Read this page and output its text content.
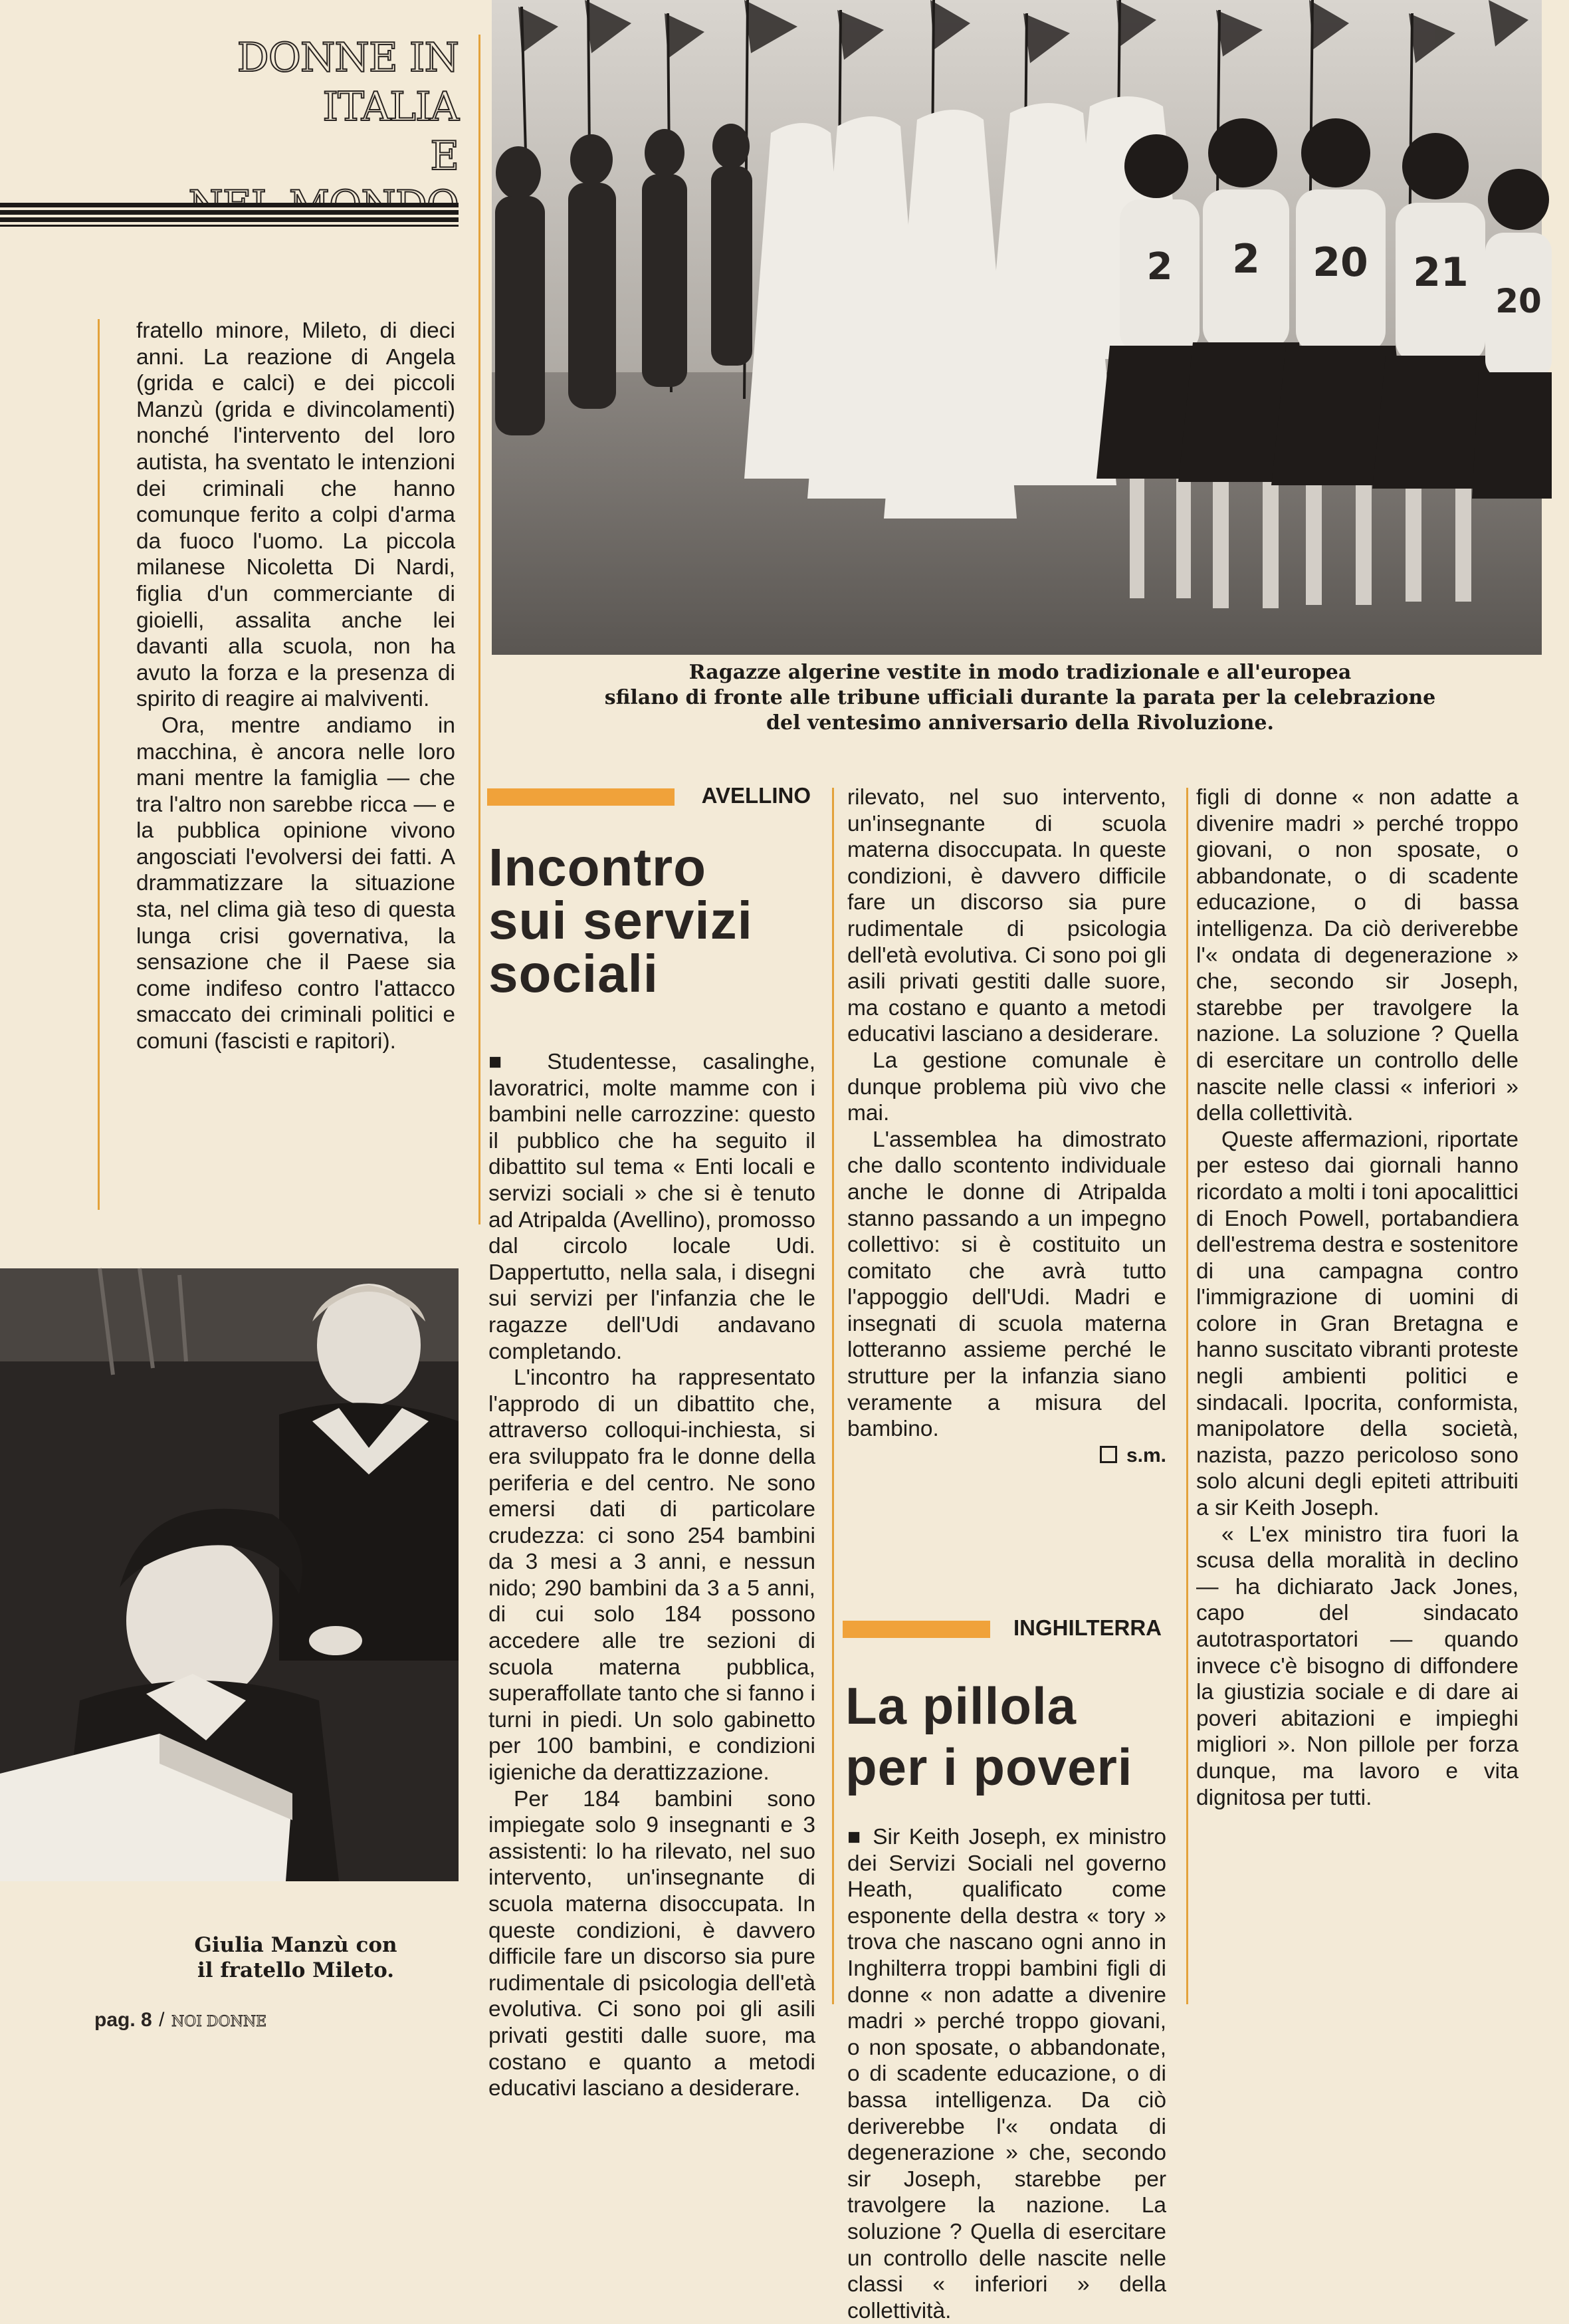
DONNE IN ITALIA
E

fratello minore, Mileto, di dieci anni. La reazione di Angela (grida e calci) e dei piccoli Manzù (grida e divincolamenti) nonché l'intervento del loro autista, ha sventato le intenzioni dei criminali che hanno comunque ferito a colpi d'arma da fuoco l'uomo. La piccola milanese Nicoletta Di Nardi, figlia d'un commerciante di gioielli, assalita anche lei davanti alla scuola, non ha avuto la forza e la presenza di spirito di reagire ai malviventi.

Ora, mentre andiamo in macchina, è ancora nelle loro mani mentre la famiglia — che tra l'altro non sarebbe ricca — e la pubblica opinione vivono angosciati l'evolversi dei fatti. A drammatizzare la situazione sta, nel clima già teso di questa lunga crisi governativa, la sensazione che il Paese sia come indifeso contro l'attacco smaccato dei criminali politici e comuni (fascisti e rapitori).

2 2 20 21
20
Ragazze algerine vestite in modo tradizionale e all'europea
sfilano di fronte alle tribune ufficiali durante la parata per la celebrazione
del ventesimo anniversario della Rivoluzione.
Giulia Manzù con
il fratello Mileto.
AVELLINO
Incontro
sui servizi
sociali

■ Studentesse, casalinghe, lavoratrici, molte mamme con i bambini nelle carrozzine: questo il pubblico che ha seguito il dibattito sul tema « Enti locali e servizi sociali » che si è tenuto ad Atripalda (Avellino), promosso dal circolo locale Udi. Dappertutto, nella sala, i disegni sui servizi per l'infanzia che le ragazze dell'Udi andavano completando.

L'incontro ha rappresentato l'approdo di un dibattito che, attraverso colloqui-inchiesta, si era sviluppato fra le donne della periferia e del centro. Ne sono emersi dati di particolare crudezza: ci sono 254 bambini da 3 mesi a 3 anni, e nessun nido; 290 bambini da 3 a 5 anni, di cui solo 184 possono accedere alle tre sezioni di scuola materna pubblica, superaffollate tanto che si fanno i turni in piedi. Un solo gabinetto per 100 bambini, e condizioni igieniche da derattizzazione.

Per 184 bambini sono impiegate solo 9 insegnanti e 3 assistenti: lo ha rilevato, nel suo intervento, un'insegnante di scuola materna disoccupata. In queste condizioni, è davvero difficile fare un discorso sia pure rudimentale di psicologia dell'età evolutiva. Ci sono poi gli asili privati gestiti dalle suore, ma costano e quanto a metodi educativi lasciano a desiderare.

rilevato, nel suo intervento, un'insegnante di scuola materna disoccupata. In queste condizioni, è davvero difficile fare un discorso sia pure rudimentale di psicologia dell'età evolutiva. Ci sono poi gli asili privati gestiti dalle suore, ma costano e quanto a metodi educativi lasciano a desiderare.

La gestione comunale è dunque problema più vivo che mai.

L'assemblea ha dimostrato che dallo scontento individuale anche le donne di Atripalda stanno passando a un impegno collettivo: si è costituito un comitato che avrà tutto l'appoggio dell'Udi. Madri e insegnati di scuola materna lotteranno assieme perché le strutture per la infanzia siano veramente a misura del bambino.

s.m.
INGHILTERRA
La pillola
per i poveri

■ Sir Keith Joseph, ex ministro dei Servizi Sociali nel governo Heath, qualificato come esponente della destra « tory » trova che nascano ogni anno in Inghilterra troppi bambini figli di donne « non adatte a divenire madri » perché troppo giovani, o non sposate, o abbandonate, o di scadente educazione, o di bassa intelligenza. Da ciò deriverebbe l'« ondata di degenerazione » che, secondo sir Joseph, starebbe per travolgere la nazione. La soluzione ? Quella di esercitare un controllo delle nascite nelle classi « inferiori » della collettività.

figli di donne « non adatte a divenire madri » perché troppo giovani, o non sposate, o abbandonate, o di scadente educazione, o di bassa intelligenza. Da ciò deriverebbe l'« ondata di degenerazione » che, secondo sir Joseph, starebbe per travolgere la nazione. La soluzione ? Quella di esercitare un controllo delle nascite nelle classi « inferiori » della collettività.

Queste affermazioni, riportate per esteso dai giornali hanno ricordato a molti i toni apocalittici di Enoch Powell, portabandiera dell'estrema destra e sostenitore di una campagna contro l'immigrazione di uomini di colore in Gran Bretagna e hanno suscitato vibranti proteste negli ambienti politici e sindacali. Ipocrita, conformista, manipolatore della società, nazista, pazzo pericoloso sono solo alcuni degli epiteti attribuiti a sir Keith Joseph.

« L'ex ministro tira fuori la scusa della moralità in declino — ha dichiarato Jack Jones, capo del sindacato autotrasportatori — quando invece c'è bisogno di diffondere la giustizia sociale e di dare ai poveri abitazioni e impieghi migliori ». Non pillole per forza dunque, ma lavoro e vita dignitosa per tutti.

pag. 8 / NOI DONNE
